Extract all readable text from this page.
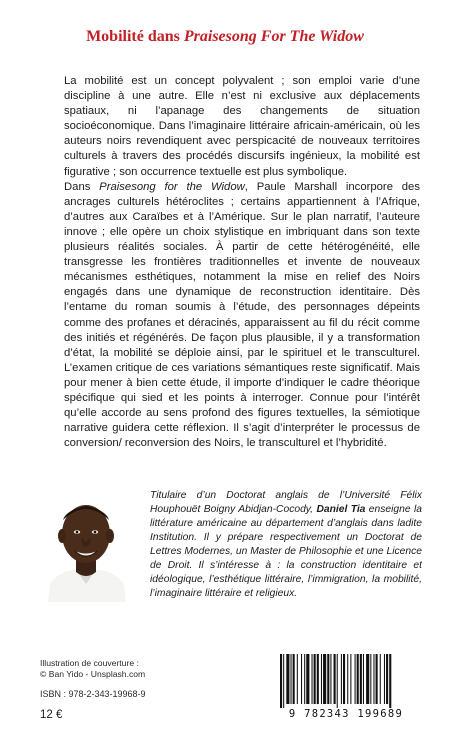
Mobilité dans Praisesong For The Widow

La mobilité est un concept polyvalent ; son emploi varie d’une discipline à une autre. Elle n’est ni exclusive aux déplacements spatiaux, ni l’apanage des changements de situation socioéconomique. Dans l’imaginaire littéraire africain-américain, où les auteurs noirs revendiquent avec perspicacité de nouveaux territoires culturels à travers des procédés discursifs ingénieux, la mobilité est figurative ; son occurrence textuelle est plus symbolique.

Dans Praisesong for the Widow, Paule Marshall incorpore des ancrages culturels hétéroclites ; certains appartiennent à l’Afrique, d’autres aux Caraïbes et à l’Amérique. Sur le plan narratif, l’auteure innove ; elle opère un choix stylistique en imbriquant dans son texte plusieurs réalités sociales. À partir de cette hétérogénéité, elle transgresse les frontières traditionnelles et invente de nouveaux mécanismes esthétiques, notamment la mise en relief des Noirs engagés dans une dynamique de reconstruction identitaire. Dès l’entame du roman soumis à l’étude, des personnages dépeints comme des profanes et déracinés, apparaissent au fil du récit comme des initiés et régénérés. De façon plus plausible, il y a transformation d’état, la mobilité se déploie ainsi, par le spirituel et le transculturel. L’examen critique de ces variations sémantiques reste significatif. Mais pour mener à bien cette étude, il importe d’indiquer le cadre théorique spécifique qui sied et les points à interroger. Connue pour l’intérêt qu’elle accorde au sens profond des figures textuelles, la sémiotique narrative guidera cette réflexion. Il s’agit d’interpréter le processus de conversion/ reconversion des Noirs, le transculturel et l’hybridité.

Titulaire d’un Doctorat anglais de l’Université Félix Houphouët Boigny Abidjan-Cocody, Daniel Tia enseigne la littérature américaine au département d’anglais dans ladite Institution. Il y prépare respectivement un Doctorat de Lettres Modernes, un Master de Philosophie et une Licence de Droit. Il s’intéresse à : la construction identitaire et idéologique, l’esthétique littéraire, l’immigration, la mobilité, l’imaginaire littéraire et religieux.
Illustration de couverture :
© Ban Yido - Unsplash.com
ISBN : 978-2-343-19968-9
12 €	9 782343 199689
